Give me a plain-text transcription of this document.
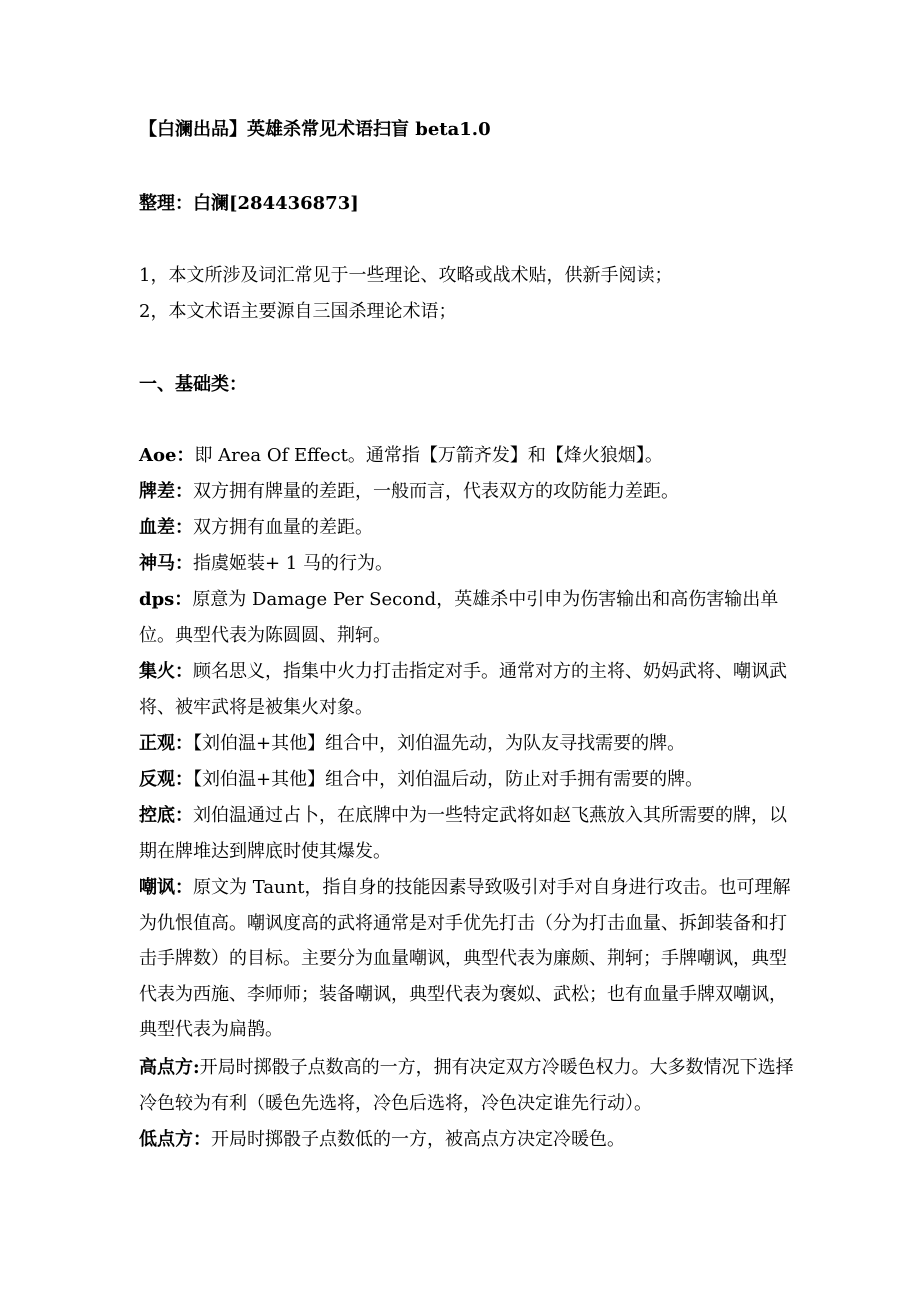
【白澜出品】英雄杀常见术语扫盲 beta1.0
整理：白澜[284436873]
1，本文所涉及词汇常见于一些理论、攻略或战术贴，供新手阅读；
2，本文术语主要源自三国杀理论术语；
一、基础类：
Aoe：即 Area Of Effect。通常指【万箭齐发】和【烽火狼烟】。
牌差：双方拥有牌量的差距，一般而言，代表双方的攻防能力差距。
血差：双方拥有血量的差距。
神马：指虞姬装+ 1 马的行为。
dps：原意为 Damage Per Second，英雄杀中引申为伤害输出和高伤害输出单位。典型代表为陈圆圆、荆轲。
集火：顾名思义，指集中火力打击指定对手。通常对方的主将、奶妈武将、嘲讽武将、被牢武将是被集火对象。
正观：【刘伯温+其他】组合中，刘伯温先动，为队友寻找需要的牌。
反观：【刘伯温+其他】组合中，刘伯温后动，防止对手拥有需要的牌。
控底：刘伯温通过占卜，在底牌中为一些特定武将如赵飞燕放入其所需要的牌，以期在牌堆达到牌底时使其爆发。
嘲讽：原文为 Taunt，指自身的技能因素导致吸引对手对自身进行攻击。也可理解为仇恨值高。嘲讽度高的武将通常是对手优先打击（分为打击血量、拆卸装备和打击手牌数）的目标。主要分为血量嘲讽，典型代表为廉颇、荆轲；手牌嘲讽，典型代表为西施、李师师；装备嘲讽，典型代表为褒姒、武松；也有血量手牌双嘲讽，典型代表为扁鹊。
高点方:开局时掷骰子点数高的一方，拥有决定双方冷暖色权力。大多数情况下选择冷色较为有利（暖色先选将，冷色后选将，冷色决定谁先行动）。
低点方：开局时掷骰子点数低的一方，被高点方决定冷暖色。
